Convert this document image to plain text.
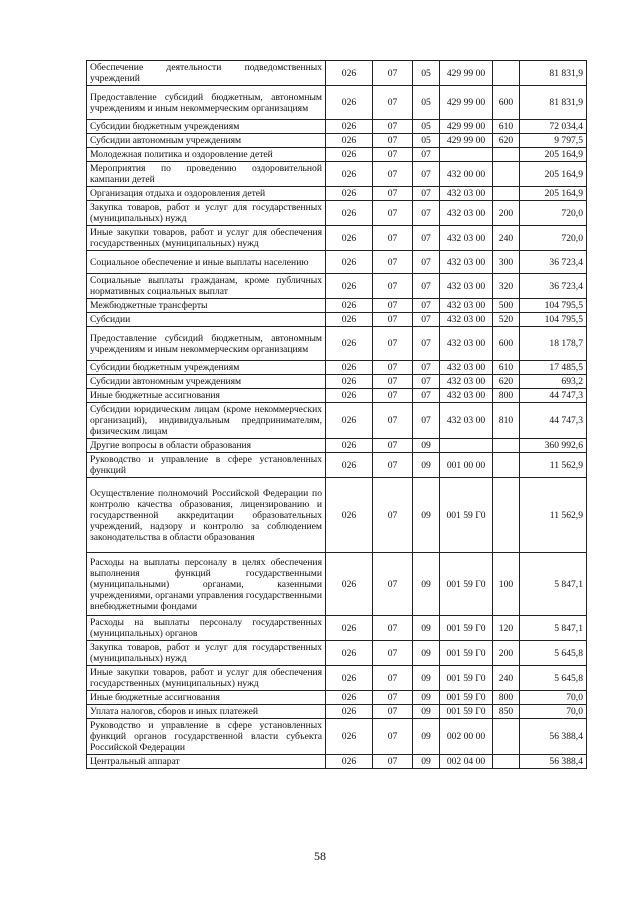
Обеспечение деятельности подведомственных учреждений	026	07	05	429 99 00		81 831,9
Предоставление субсидий бюджетным, автономным учреждениям и иным некоммерческим организациям	026	07	05	429 99 00	600	81 831,9
Субсидии бюджетным учреждениям	026	07	05	429 99 00	610	72 034,4
Субсидии автономным учреждениям	026	07	05	429 99 00	620	9 797,5
Молодежная политика и оздоровление детей	026	07	07			205 164,9
Мероприятия по проведению оздоровительной кампании детей	026	07	07	432 00 00		205 164,9
Организация отдыха и оздоровления детей	026	07	07	432 03 00		205 164,9
Закупка товаров, работ и услуг для государственных (муниципальных) нужд	026	07	07	432 03 00	200	720,0
Иные закупки товаров, работ и услуг для обеспечения государственных (муниципальных) нужд	026	07	07	432 03 00	240	720,0
Социальное обеспечение и иные выплаты населению	026	07	07	432 03 00	300	36 723,4
Социальные выплаты гражданам, кроме публичных нормативных социальных выплат	026	07	07	432 03 00	320	36 723,4
Межбюджетные трансферты	026	07	07	432 03 00	500	104 795,5
Субсидии	026	07	07	432 03 00	520	104 795,5
Предоставление субсидий бюджетным, автономным учреждениям и иным некоммерческим организациям	026	07	07	432 03 00	600	18 178,7
Субсидии бюджетным учреждениям	026	07	07	432 03 00	610	17 485,5
Субсидии автономным учреждениям	026	07	07	432 03 00	620	693,2
Иные бюджетные ассигнования	026	07	07	432 03 00	800	44 747,3
Субсидии юридическим лицам (кроме некоммерческих организаций), индивидуальным предпринимателям, физическим лицам	026	07	07	432 03 00	810	44 747,3
Другие вопросы в области образования	026	07	09			360 992,6
Руководство и управление в сфере установленных функций	026	07	09	001 00 00		11 562,9
Осуществление полномочий Российской Федерации по контролю качества образования, лицензированию и государственной аккредитации образовательных учреждений, надзору и контролю за соблюдением законодательства в области образования	026	07	09	001 59 Г0		11 562,9
Расходы на выплаты персоналу в целях обеспечения выполнения функций государственными (муниципальными) органами, казенными учреждениями, органами управления государственными внебюджетными фондами	026	07	09	001 59 Г0	100	5 847,1
Расходы на выплаты персоналу государственных (муниципальных) органов	026	07	09	001 59 Г0	120	5 847,1
Закупка товаров, работ и услуг для государственных (муниципальных) нужд	026	07	09	001 59 Г0	200	5 645,8
Иные закупки товаров, работ и услуг для обеспечения государственных (муниципальных) нужд	026	07	09	001 59 Г0	240	5 645,8
Иные бюджетные ассигнования	026	07	09	001 59 Г0	800	70,0
Уплата налогов, сборов и иных платежей	026	07	09	001 59 Г0	850	70,0
Руководство и управление в сфере установленных функций органов государственной власти субъекта Российской Федерации	026	07	09	002 00 00		56 388,4
Центральный аппарат	026	07	09	002 04 00		56 388,4
58
